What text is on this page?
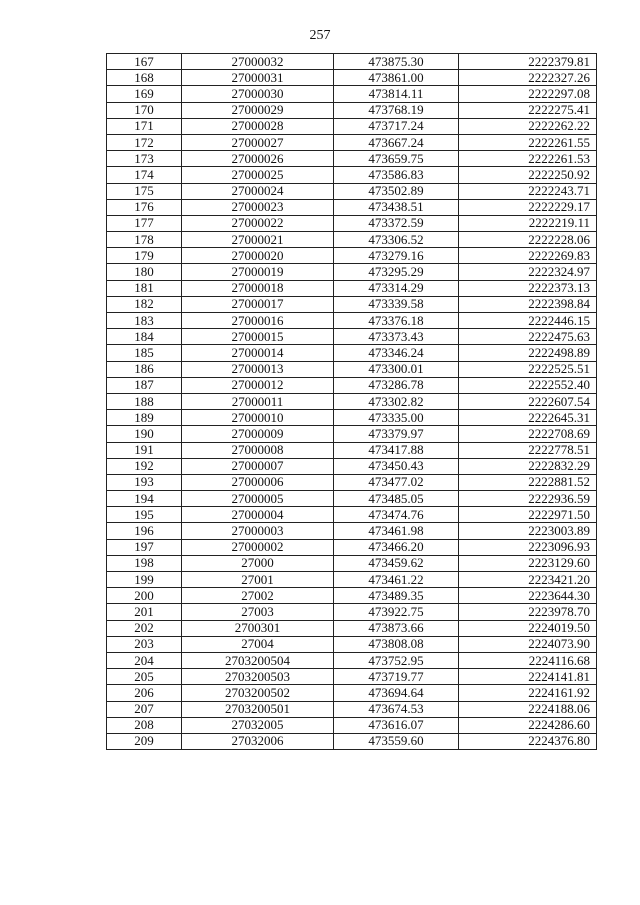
257
167	27000032	473875.30	2222379.81
168	27000031	473861.00	2222327.26
169	27000030	473814.11	2222297.08
170	27000029	473768.19	2222275.41
171	27000028	473717.24	2222262.22
172	27000027	473667.24	2222261.55
173	27000026	473659.75	2222261.53
174	27000025	473586.83	2222250.92
175	27000024	473502.89	2222243.71
176	27000023	473438.51	2222229.17
177	27000022	473372.59	2222219.11
178	27000021	473306.52	2222228.06
179	27000020	473279.16	2222269.83
180	27000019	473295.29	2222324.97
181	27000018	473314.29	2222373.13
182	27000017	473339.58	2222398.84
183	27000016	473376.18	2222446.15
184	27000015	473373.43	2222475.63
185	27000014	473346.24	2222498.89
186	27000013	473300.01	2222525.51
187	27000012	473286.78	2222552.40
188	27000011	473302.82	2222607.54
189	27000010	473335.00	2222645.31
190	27000009	473379.97	2222708.69
191	27000008	473417.88	2222778.51
192	27000007	473450.43	2222832.29
193	27000006	473477.02	2222881.52
194	27000005	473485.05	2222936.59
195	27000004	473474.76	2222971.50
196	27000003	473461.98	2223003.89
197	27000002	473466.20	2223096.93
198	27000	473459.62	2223129.60
199	27001	473461.22	2223421.20
200	27002	473489.35	2223644.30
201	27003	473922.75	2223978.70
202	2700301	473873.66	2224019.50
203	27004	473808.08	2224073.90
204	2703200504	473752.95	2224116.68
205	2703200503	473719.77	2224141.81
206	2703200502	473694.64	2224161.92
207	2703200501	473674.53	2224188.06
208	27032005	473616.07	2224286.60
209	27032006	473559.60	2224376.80
